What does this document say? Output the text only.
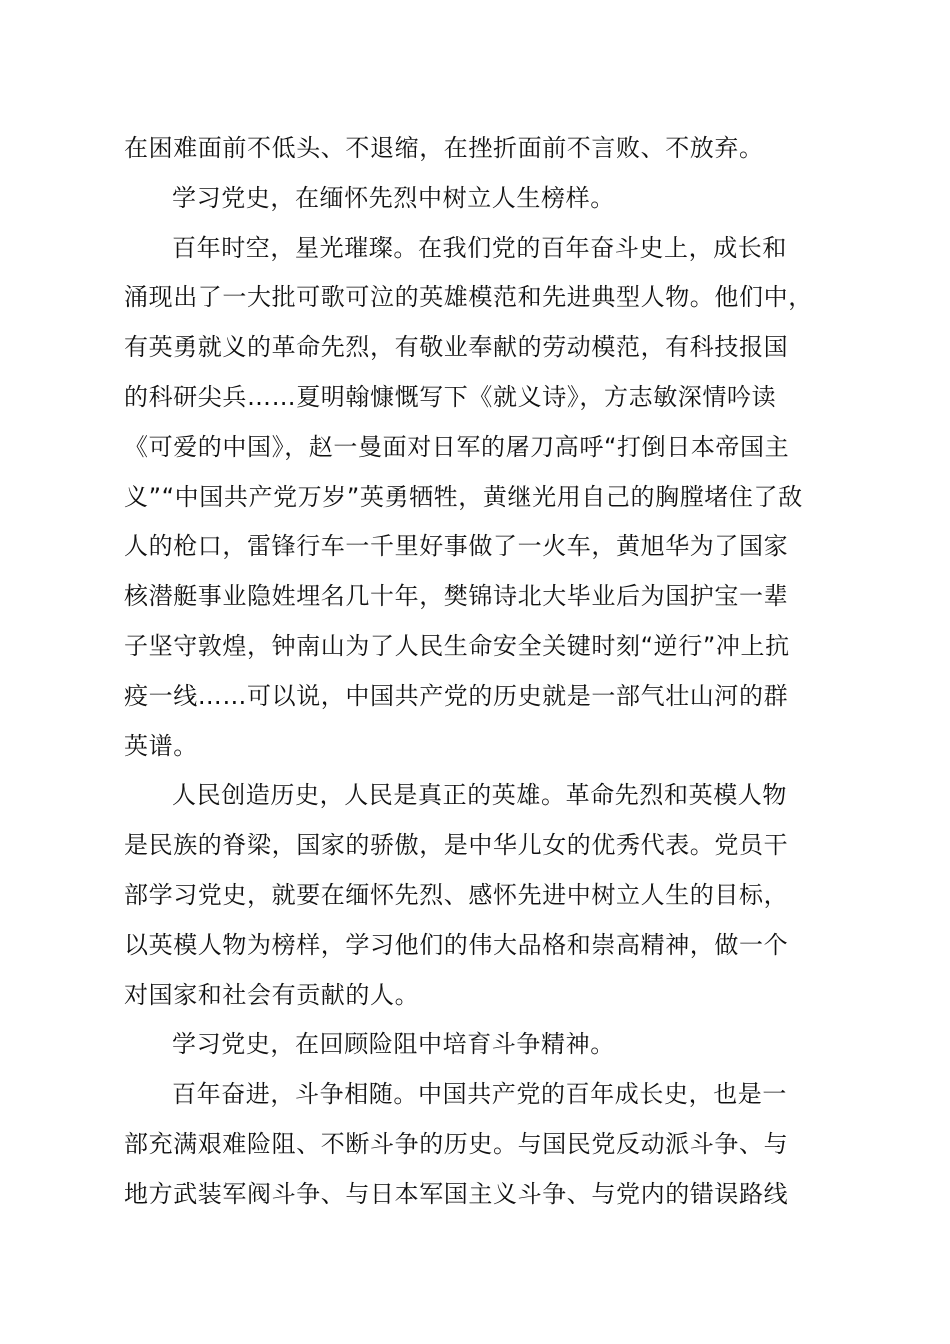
在困难面前不低头、不退缩，在挫折面前不言败、不放弃。
学习党史，在缅怀先烈中树立人生榜样。
百年时空，星光璀璨。在我们党的百年奋斗史上，成长和
涌现出了一大批可歌可泣的英雄模范和先进典型人物。他们中，
有英勇就义的革命先烈，有敬业奉献的劳动模范，有科技报国
的科研尖兵……夏明翰慷慨写下《就义诗》，方志敏深情吟读
《可爱的中国》，赵一曼面对日军的屠刀高呼“打倒日本帝国主
义”“中国共产党万岁”英勇牺牲，黄继光用自己的胸膛堵住了敌
人的枪口，雷锋行车一千里好事做了一火车，黄旭华为了国家
核潜艇事业隐姓埋名几十年，樊锦诗北大毕业后为国护宝一辈
子坚守敦煌，钟南山为了人民生命安全关键时刻“逆行”冲上抗
疫一线……可以说，中国共产党的历史就是一部气壮山河的群
英谱。
人民创造历史，人民是真正的英雄。革命先烈和英模人物
是民族的脊梁，国家的骄傲，是中华儿女的优秀代表。党员干
部学习党史，就要在缅怀先烈、感怀先进中树立人生的目标，
以英模人物为榜样，学习他们的伟大品格和崇高精神，做一个
对国家和社会有贡献的人。
学习党史，在回顾险阻中培育斗争精神。
百年奋进，斗争相随。中国共产党的百年成长史，也是一
部充满艰难险阻、不断斗争的历史。与国民党反动派斗争、与
地方武装军阀斗争、与日本军国主义斗争、与党内的错误路线
